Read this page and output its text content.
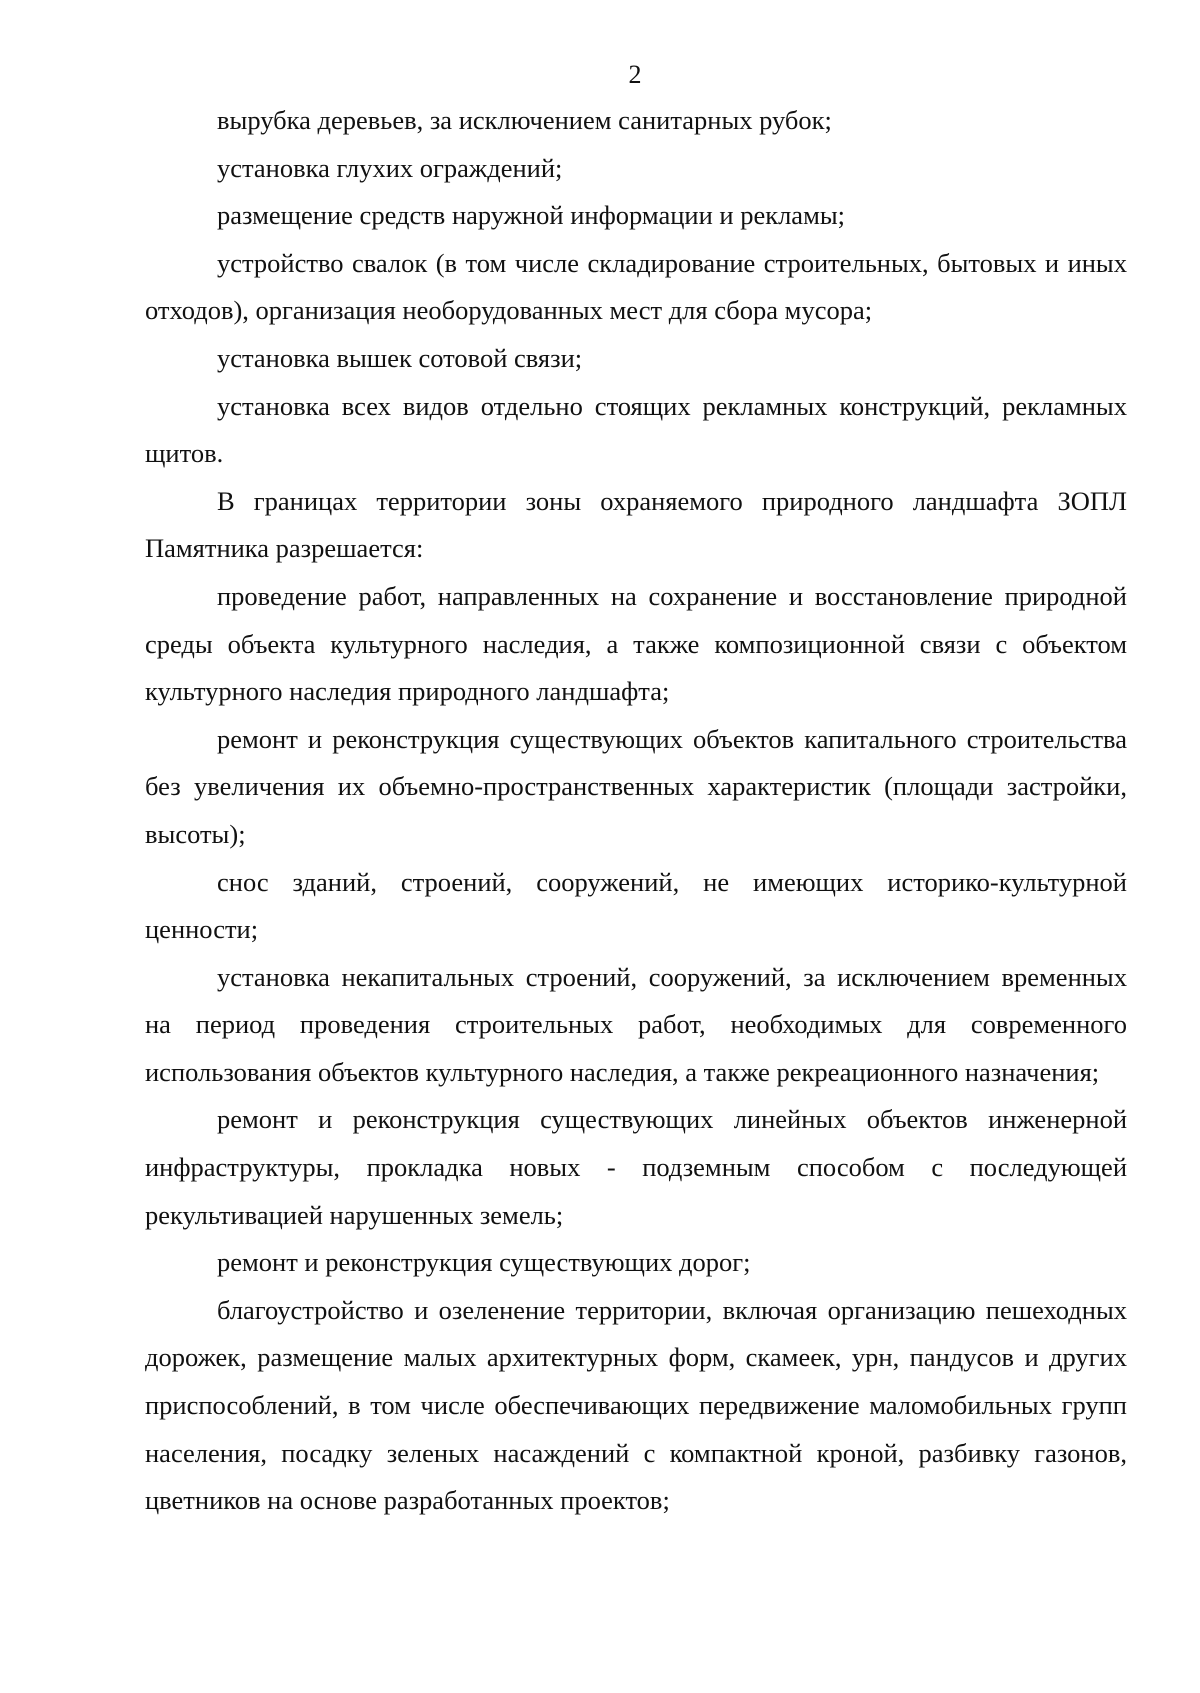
2

вырубка деревьев, за исключением санитарных рубок;

установка глухих ограждений;

размещение средств наружной информации и рекламы;

устройство свалок (в том числе складирование строительных, бытовых и иных отходов), организация необорудованных мест для сбора мусора;

установка вышек сотовой связи;

установка всех видов отдельно стоящих рекламных конструкций, рекламных щитов.

В границах территории зоны охраняемого природного ландшафта ЗОПЛ Памятника разрешается:

проведение работ, направленных на сохранение и восстановление природной среды объекта культурного наследия, а также композиционной связи с объектом культурного наследия природного ландшафта;

ремонт и реконструкция существующих объектов капитального строительства без увеличения их объемно-пространственных характеристик (площади застройки, высоты);

снос зданий, строений, сооружений, не имеющих историко-культурной ценности;

установка некапитальных строений, сооружений, за исключением временных на период проведения строительных работ, необходимых для современного использования объектов культурного наследия, а также рекреационного назначения;

ремонт и реконструкция существующих линейных объектов инженерной инфраструктуры, прокладка новых - подземным способом с последующей рекультивацией нарушенных земель;

ремонт и реконструкция существующих дорог;

благоустройство и озеленение территории, включая организацию пешеходных дорожек, размещение малых архитектурных форм, скамеек, урн, пандусов и других приспособлений, в том числе обеспечивающих передвижение маломобильных групп населения, посадку зеленых насаждений с компактной кроной, разбивку газонов, цветников на основе разработанных проектов;
